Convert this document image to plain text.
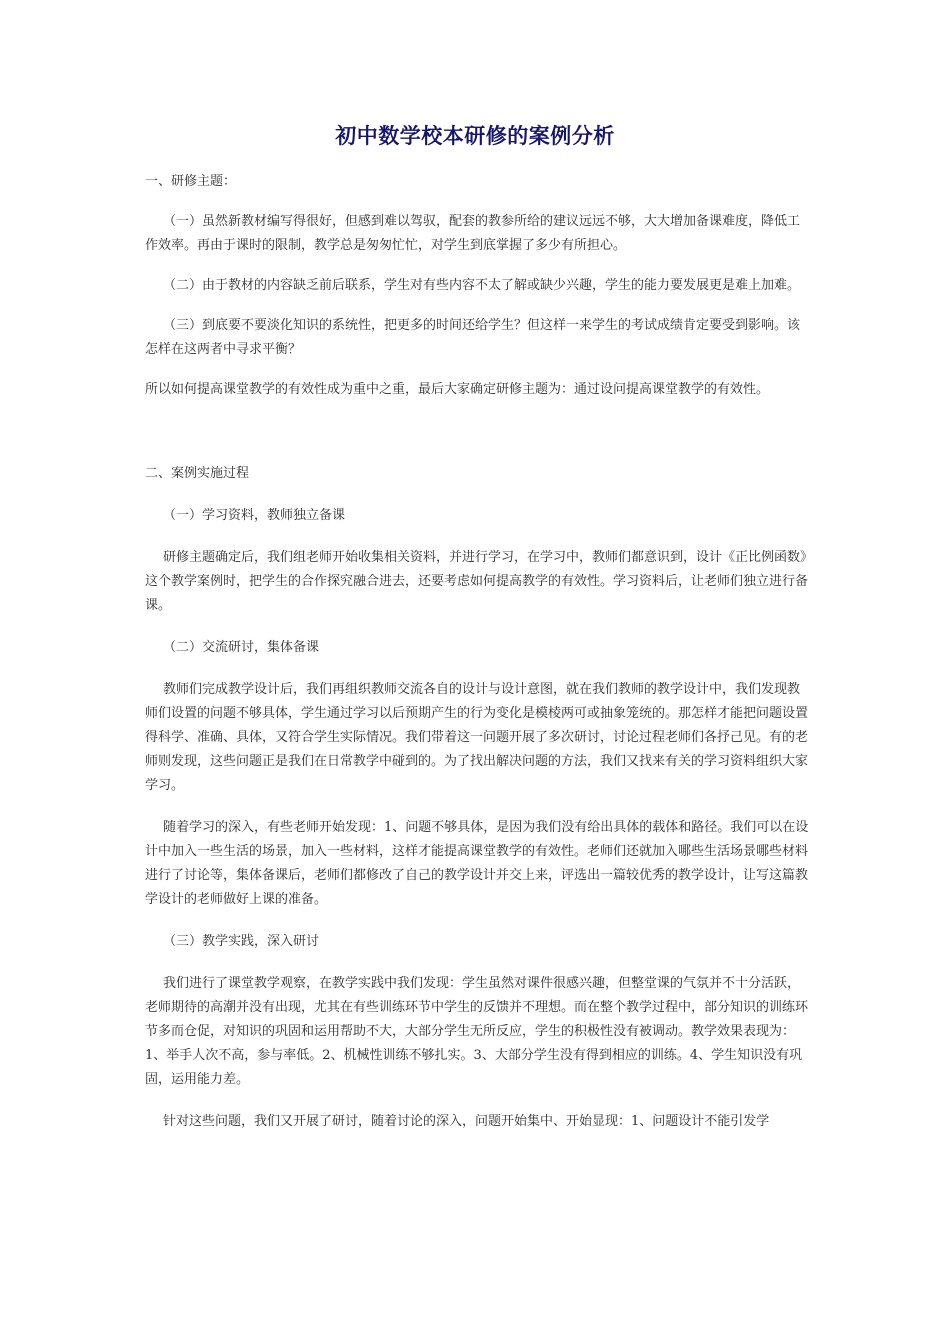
初中数学校本研修的案例分析

一、研修主题：

（一）虽然新教材编写得很好，但感到难以驾驭，配套的教参所给的建议远远不够，大大增加备课难度，降低工作效率。再由于课时的限制，教学总是匆匆忙忙，对学生到底掌握了多少有所担心。

（二）由于教材的内容缺乏前后联系，学生对有些内容不太了解或缺少兴趣，学生的能力要发展更是难上加难。

（三）到底要不要淡化知识的系统性，把更多的时间还给学生？但这样一来学生的考试成绩肯定要受到影响。该怎样在这两者中寻求平衡？

所以如何提高课堂教学的有效性成为重中之重，最后大家确定研修主题为：通过设问提高课堂教学的有效性。

二、案例实施过程

（一）学习资料，教师独立备课

研修主题确定后，我们组老师开始收集相关资料，并进行学习，在学习中，教师们都意识到，设计《正比例函数》这个教学案例时，把学生的合作探究融合进去，还要考虑如何提高教学的有效性。学习资料后，让老师们独立进行备课。

（二）交流研讨，集体备课

教师们完成教学设计后，我们再组织教师交流各自的设计与设计意图，就在我们教师的教学设计中，我们发现教师们设置的问题不够具体，学生通过学习以后预期产生的行为变化是模棱两可或抽象笼统的。那怎样才能把问题设置得科学、准确、具体，又符合学生实际情况。我们带着这一问题开展了多次研讨，讨论过程老师们各抒己见。有的老师则发现，这些问题正是我们在日常教学中碰到的。为了找出解决问题的方法，我们又找来有关的学习资料组织大家学习。

随着学习的深入，有些老师开始发现：1、问题不够具体，是因为我们没有给出具体的载体和路径。我们可以在设计中加入一些生活的场景，加入一些材料，这样才能提高课堂教学的有效性。老师们还就加入哪些生活场景哪些材料进行了讨论等，集体备课后，老师们都修改了自己的教学设计并交上来，评选出一篇较优秀的教学设计，让写这篇教学设计的老师做好上课的准备。

（三）教学实践，深入研讨

我们进行了课堂教学观察，在教学实践中我们发现：学生虽然对课件很感兴趣，但整堂课的气氛并不十分活跃，老师期待的高潮并没有出现，尤其在有些训练环节中学生的反馈并不理想。而在整个教学过程中，部分知识的训练环节多而仓促，对知识的巩固和运用帮助不大，大部分学生无所反应，学生的积极性没有被调动。教学效果表现为：1、举手人次不高，参与率低。2、机械性训练不够扎实。3、大部分学生没有得到相应的训练。4、学生知识没有巩固，运用能力差。

针对这些问题，我们又开展了研讨，随着讨论的深入，问题开始集中、开始显现：1、问题设计不能引发学
